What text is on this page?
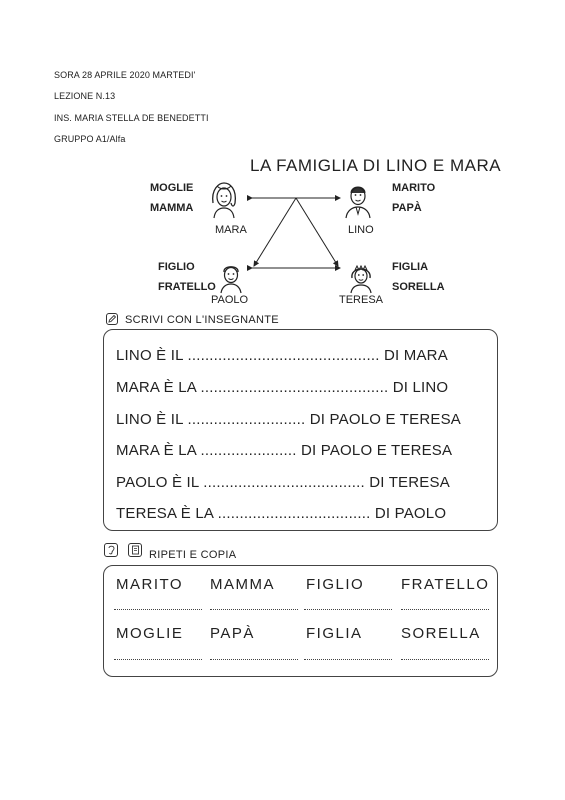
SORA 28 APRILE 2020 MARTEDI'
LEZIONE N.13
INS. MARIA STELLA DE BENEDETTI
GRUPPO A1/Alfa
LA FAMIGLIA DI LINO E MARA
MOGLIE
MAMMA
MARITO
PAPÀ
FIGLIO
FRATELLO
FIGLIA
SORELLA
MARA	LINO
PAOLO	TERESA
SCRIVI CON L'INSEGNANTE
LINO È IL ............................................ DI MARA
MARA È LA ........................................... DI LINO
LINO È IL ........................... DI PAOLO E TERESA
MARA È LA ...................... DI PAOLO E TERESA
PAOLO È IL ..................................... DI TERESA
TERESA È LA ................................... DI PAOLO
RIPETI E COPIA
MARITO MAMMA FIGLIO FRATELLO
MOGLIE PAPÀ	FIGLIA	SORELLA
